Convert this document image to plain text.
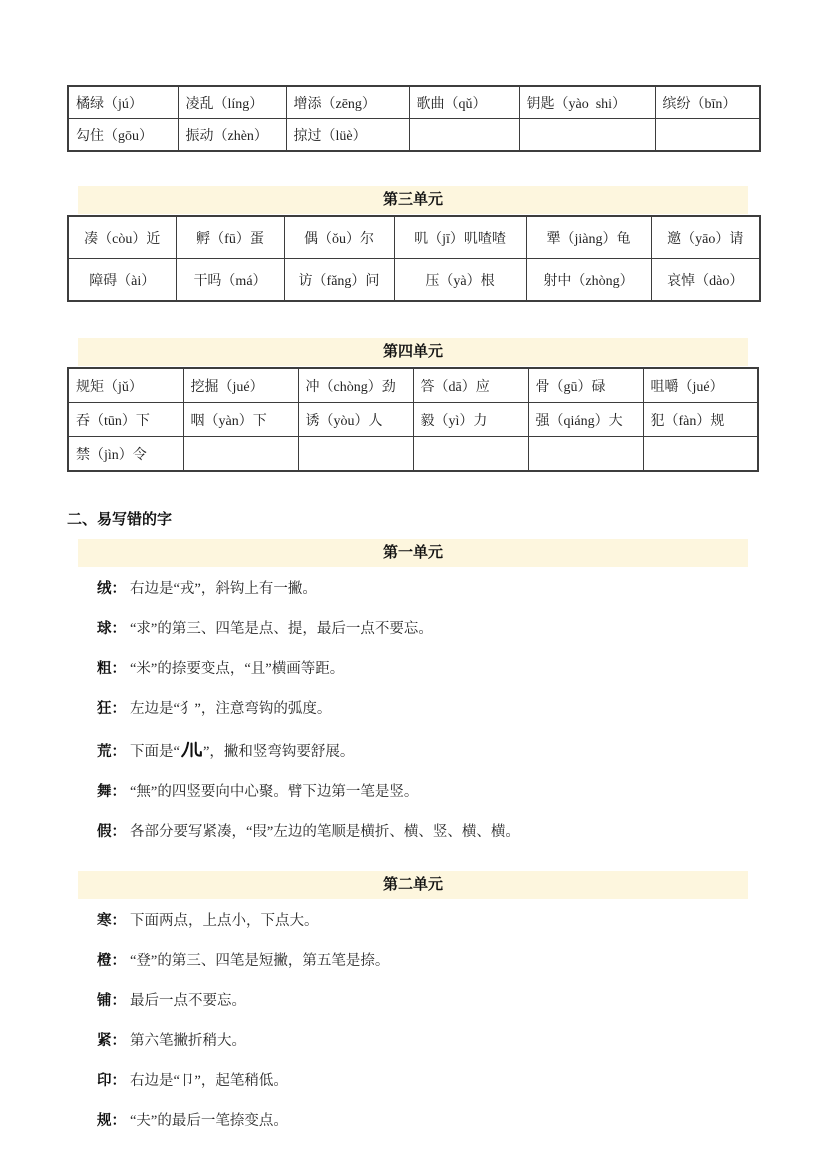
橘绿（jú）	凌乱（líng）	增添（zēng）	歌曲（qǔ）	钥匙（yào  shi）	缤纷（bīn）
勾住（gōu）	振动（zhèn）	掠过（lüè）			
第三单元
凑（còu）近	孵（fū）蛋	偶（ǒu）尔	叽（jī）叽喳喳	犟（jiàng）龟	邀（yāo）请
障碍（ài）	干吗（má）	访（fǎng）问	压（yà）根	射中（zhòng）	哀悼（dào）
第四单元
规矩（jǔ）	挖掘（jué）	冲（chòng）劲	答（dā）应	骨（gū）碌	咀嚼（jué）
吞（tūn）下	咽（yàn）下	诱（yòu）人	毅（yì）力	强（qiáng）大	犯（fàn）规
禁（jìn）令					
二、易写错的字
第一单元
绒： 右边是“戎”，斜钩上有一撇。
球： “求”的第三、四笔是点、提，最后一点不要忘。
粗： “米”的捺要变点，“且”横画等距。
狂： 左边是“犭”，注意弯钩的弧度。
荒： 下面是“ ”，撇和竖弯钩要舒展。
舞： “無”的四竖要向中心聚。臂下边第一笔是竖。
假： 各部分要写紧凑，“叚”左边的笔顺是横折、横、竖、横、横。
第二单元
寒： 下面两点，上点小，下点大。
橙： “登”的第三、四笔是短撇，第五笔是捺。
铺： 最后一点不要忘。
紧： 第六笔撇折稍大。
印： 右边是“卩”，起笔稍低。
规： “夫”的最后一笔捺变点。
